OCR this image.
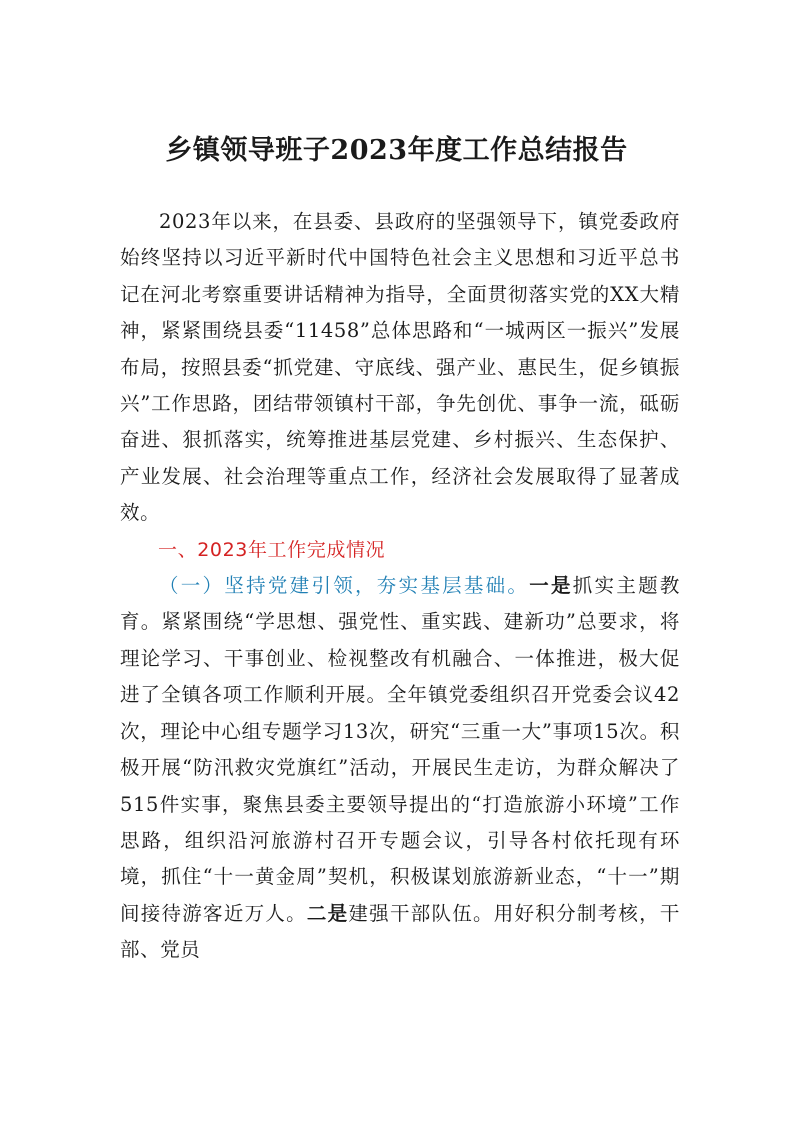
乡镇领导班子2023年度工作总结报告

2023年以来，在县委、县政府的坚强领导下，镇党委政府始终坚持以习近平新时代中国特色社会主义思想和习近平总书记在河北考察重要讲话精神为指导，全面贯彻落实党的XX大精神，紧紧围绕县委“11458”总体思路和“一城两区一振兴”发展布局，按照县委“抓党建、守底线、强产业、惠民生，促乡镇振兴”工作思路，团结带领镇村干部，争先创优、事争一流，砥砺奋进、狠抓落实，统筹推进基层党建、乡村振兴、生态保护、产业发展、社会治理等重点工作，经济社会发展取得了显著成效。

一、2023年工作完成情况

（一）坚持党建引领，夯实基层基础。一是抓实主题教育。紧紧围绕“学思想、强党性、重实践、建新功”总要求，将理论学习、干事创业、检视整改有机融合、一体推进，极大促进了全镇各项工作顺利开展。全年镇党委组织召开党委会议42次，理论中心组专题学习13次，研究“三重一大”事项15次。积极开展“防汛救灾党旗红”活动，开展民生走访，为群众解决了515件实事，聚焦县委主要领导提出的“打造旅游小环境”工作思路，组织沿河旅游村召开专题会议，引导各村依托现有环境，抓住“十一黄金周”契机，积极谋划旅游新业态，“十一”期间接待游客近万人。二是建强干部队伍。用好积分制考核，干部、党员
